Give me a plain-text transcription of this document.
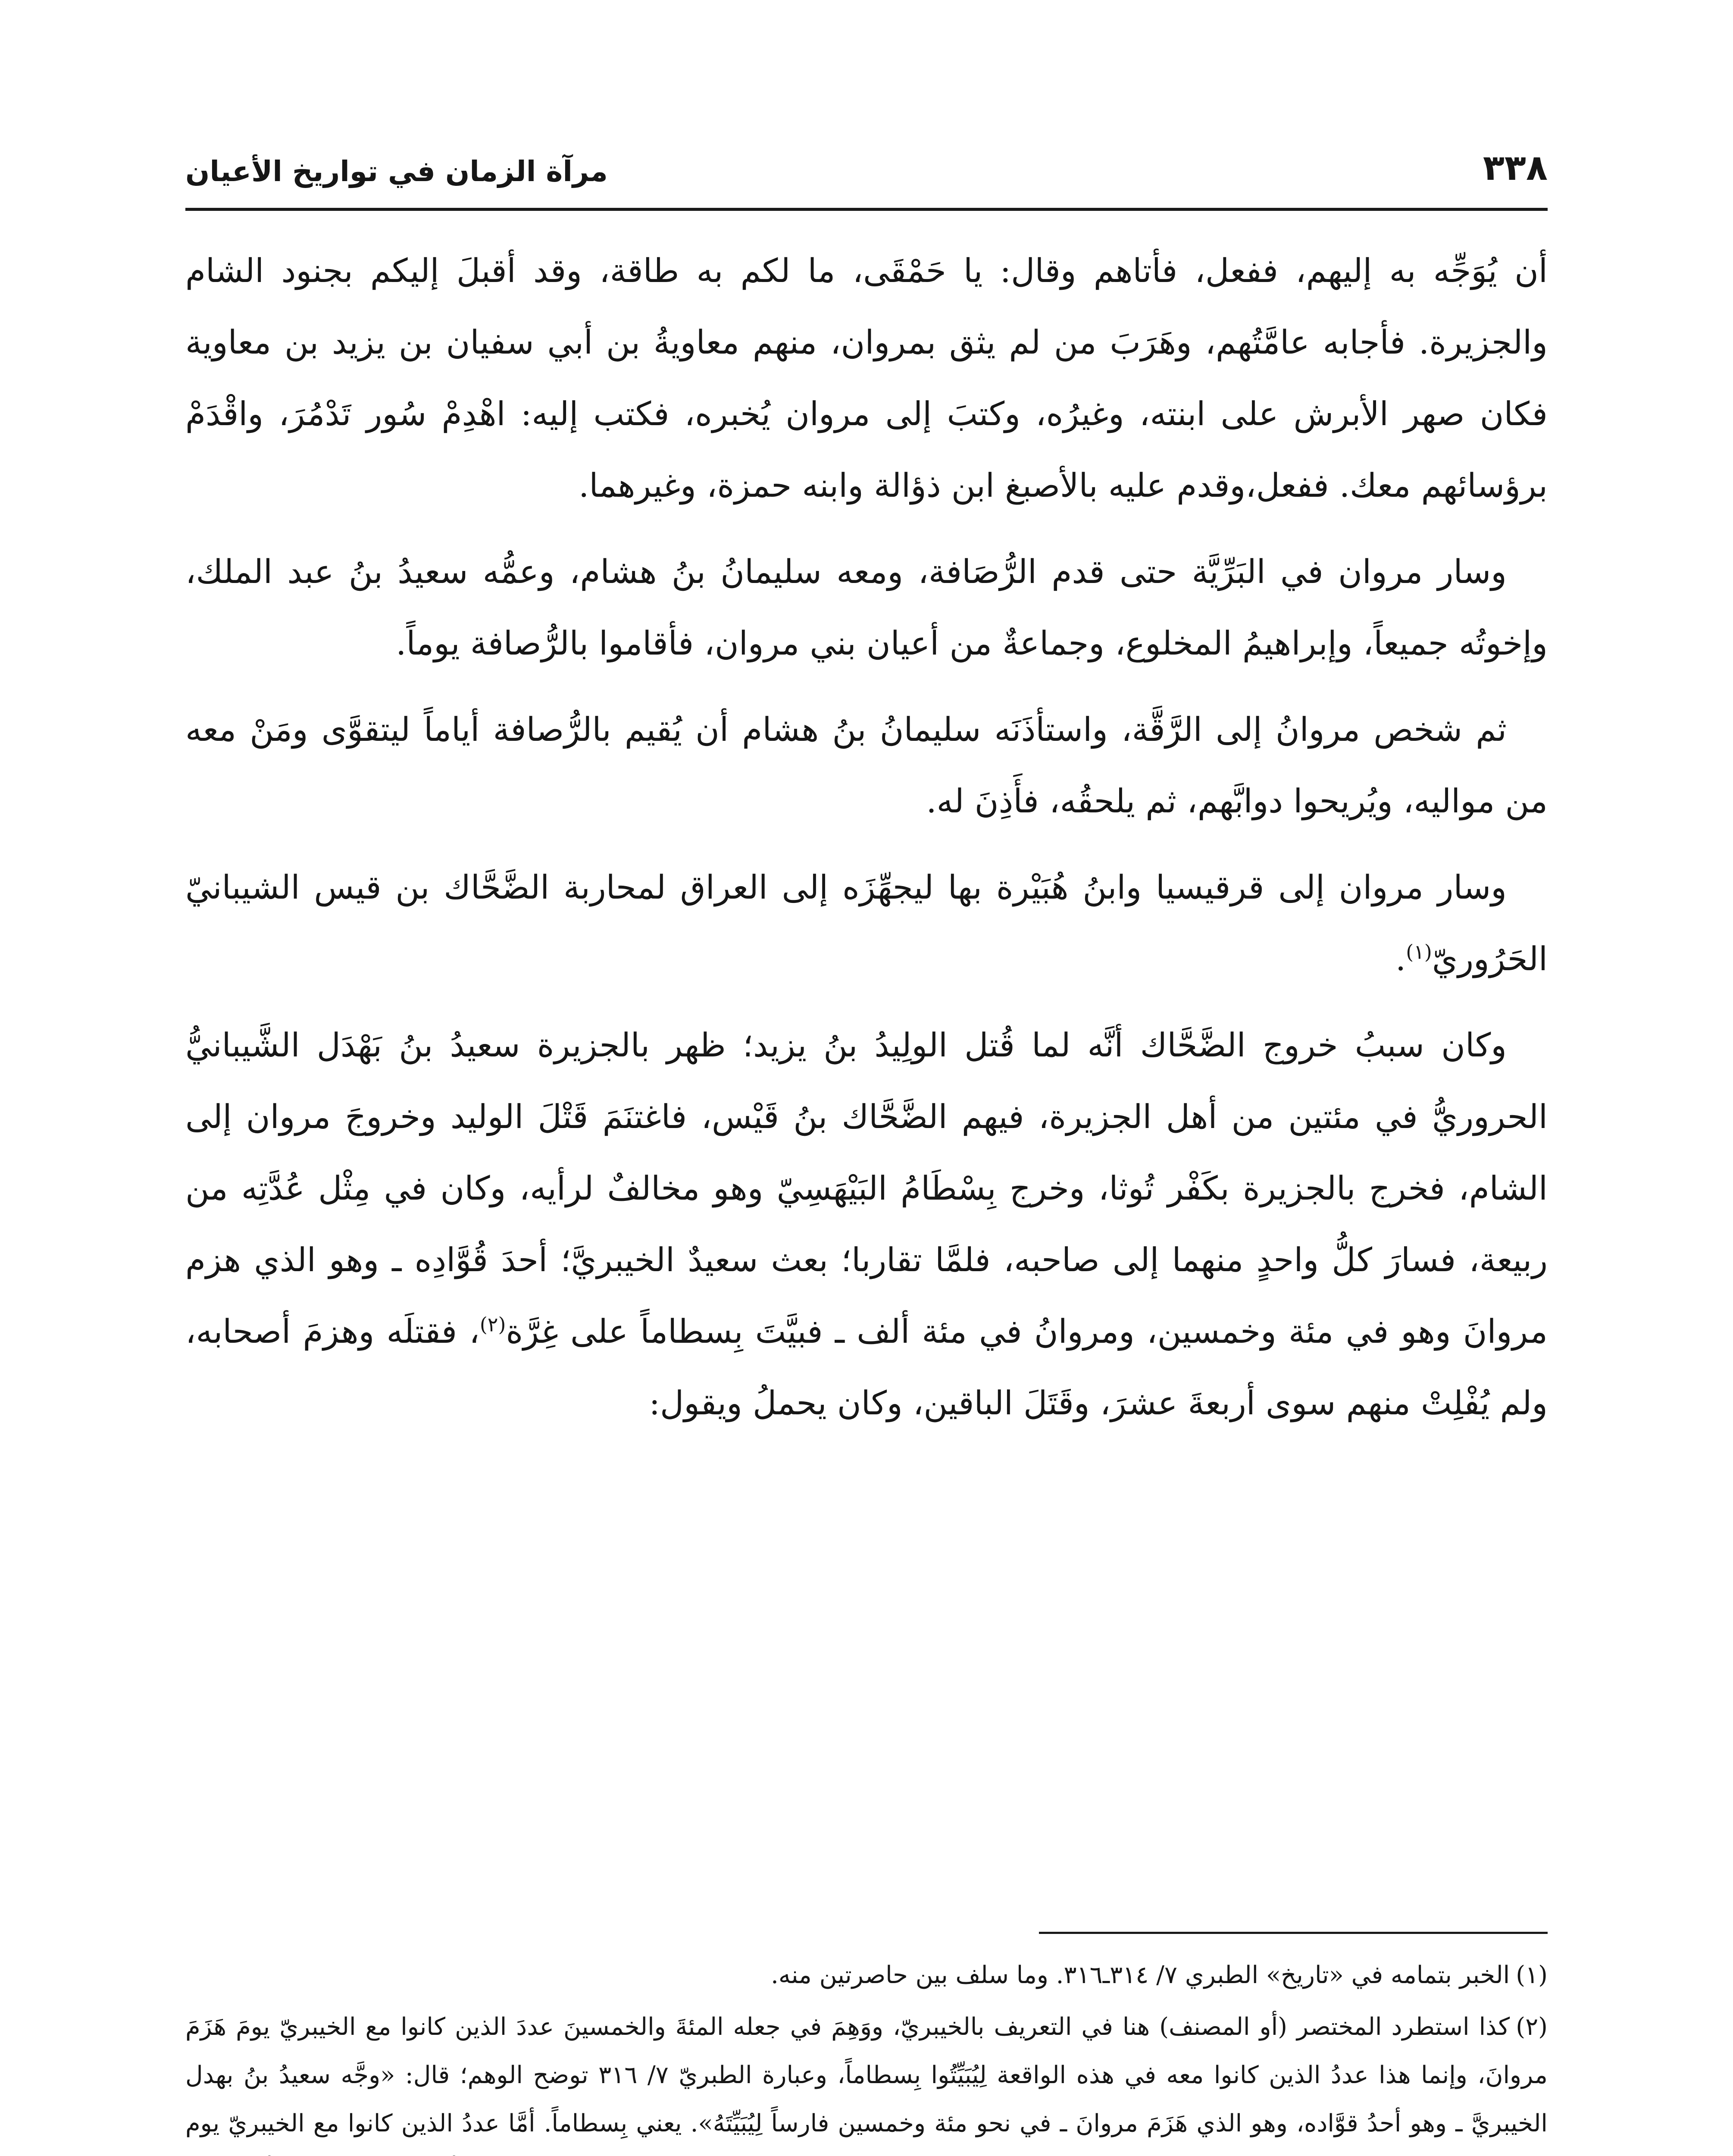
٣٣٨
مرآة الزمان في تواريخ الأعيان

أن يُوَجِّه به إليهم، ففعل، فأتاهم وقال: يا حَمْقَى، ما لكم به طاقة، وقد أقبلَ إليكم بجنود الشام والجزيرة. فأجابه عامَّتُهم، وهَرَبَ من لم يثق بمروان، منهم معاويةُ بن أبي سفيان بن يزيد بن معاوية فكان صهر الأبرش على ابنته، وغيرُه، وكتبَ إلى مروان يُخبره، فكتب إليه: اهْدِمْ سُور تَدْمُرَ، واقْدَمْ برؤسائهم معك. ففعل،وقدم عليه بالأصبغ ابن ذؤالة وابنه حمزة، وغيرهما.

وسار مروان في البَرِّيَّة حتى قدم الرُّصَافة، ومعه سليمانُ بنُ هشام، وعمُّه سعيدُ بنُ عبد الملك، وإخوتُه جميعاً، وإبراهيمُ المخلوع، وجماعةٌ من أعيان بني مروان، فأقاموا بالرُّصافة يوماً.

ثم شخص مروانُ إلى الرَّقَّة، واستأذَنَه سليمانُ بنُ هشام أن يُقيم بالرُّصافة أياماً ليتقوَّى ومَنْ معه من مواليه، ويُريحوا دوابَّهم، ثم يلحقُه، فأَذِنَ له.

وسار مروان إلى قرقيسيا وابنُ هُبَيْرة بها ليجهِّزَه إلى العراق لمحاربة الضَّحَّاك بن قيس الشيبانيّ الحَرُوريّ$^{(١)}$.

وكان سببُ خروج الضَّحَّاك أنَّه لما قُتل الولِيدُ بنُ يزيد؛ ظهر بالجزيرة سعيدُ بنُ بَهْدَل الشَّيبانيُّ الحروريُّ في مئتين من أهل الجزيرة، فيهم الضَّحَّاك بنُ قَيْس، فاغتنَمَ قَتْلَ الوليد وخروجَ مروان إلى الشام، فخرج بالجزيرة بكَفْر تُوثا، وخرج بِسْطَامُ البَيْهَسِيّ وهو مخالفٌ لرأيه، وكان في مِثْل عُدَّتِه من ربيعة، فسارَ كلُّ واحدٍ منهما إلى صاحبه، فلمَّا تقاربا؛ بعث سعيدٌ الخيبريَّ؛ أحدَ قُوَّادِه ـ وهو الذي هزم مروانَ وهو في مئة وخمسين، ومروانُ في مئة ألف ـ فبيَّتَ بِسطاماً على غِرَّة$^{(٢)}$، فقتلَه وهزمَ أصحابه، ولم يُفْلِتْ منهم سوى أربعةَ عشرَ، وقَتَلَ الباقين، وكان يحملُ ويقول:

(١)الخبر بتمامه في «تاريخ» الطبري ٧/ ٣١٤ـ٣١٦. وما سلف بين حاصرتين منه.

(٢)كذا استطرد المختصر (أو المصنف) هنا في التعريف بالخيبريّ، ووَهِمَ في جعله المئةَ والخمسينَ عددَ الذين كانوا مع الخيبريّ يومَ هَزَمَ مروانَ، وإنما هذا عددُ الذين كانوا معه في هذه الواقعة لِيُبَيِّتُوا بِسطاماً، وعبارة الطبريّ ٧/ ٣١٦ توضح الوهم؛ قال: «وجَّه سعيدُ بنُ بهدل الخيبريَّ ـ وهو أحدُ قوَّاده، وهو الذي هَزَمَ مروانَ ـ في نحو مئة وخمسين فارساً لِيُبَيِّتَهُ». يعني بِسطاماً. أمَّا عددُ الذين كانوا مع الخيبريّ يوم
